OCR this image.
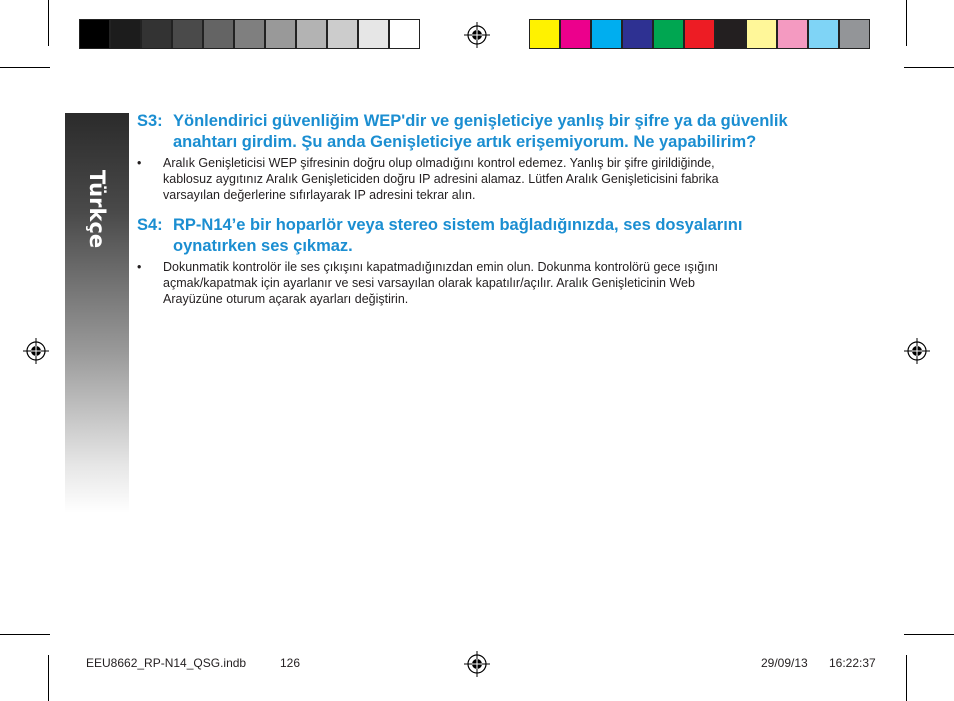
Türkçe
S3: Yönlendirici güvenliğim WEP'dir ve genişleticiye yanlış bir şifre ya da güvenlik
anahtarı girdim. Şu anda Genişleticiye artık erişemiyorum. Ne yapabilirim?
• Aralık Genişleticisi WEP şifresinin doğru olup olmadığını kontrol edemez. Yanlış bir şifre girildiğinde,
kablosuz aygıtınız Aralık Genişleticiden doğru IP adresini alamaz. Lütfen Aralık Genişleticisini fabrika
varsayılan değerlerine sıfırlayarak IP adresini tekrar alın.
S4: RP-N14’e bir hoparlör veya stereo sistem bağladığınızda, ses dosyalarını
oynatırken ses çıkmaz.
• Dokunmatik kontrolör ile ses çıkışını kapatmadığınızdan emin olun. Dokunma kontrolörü gece ışığını
açmak/kapatmak için ayarlanır ve sesi varsayılan olarak kapatılır/açılır. Aralık Genişleticinin Web
Arayüzüne oturum açarak ayarları değiştirin.
EEU8662_RP-N14_QSG.indb	126	29/09/13 16:22:37
